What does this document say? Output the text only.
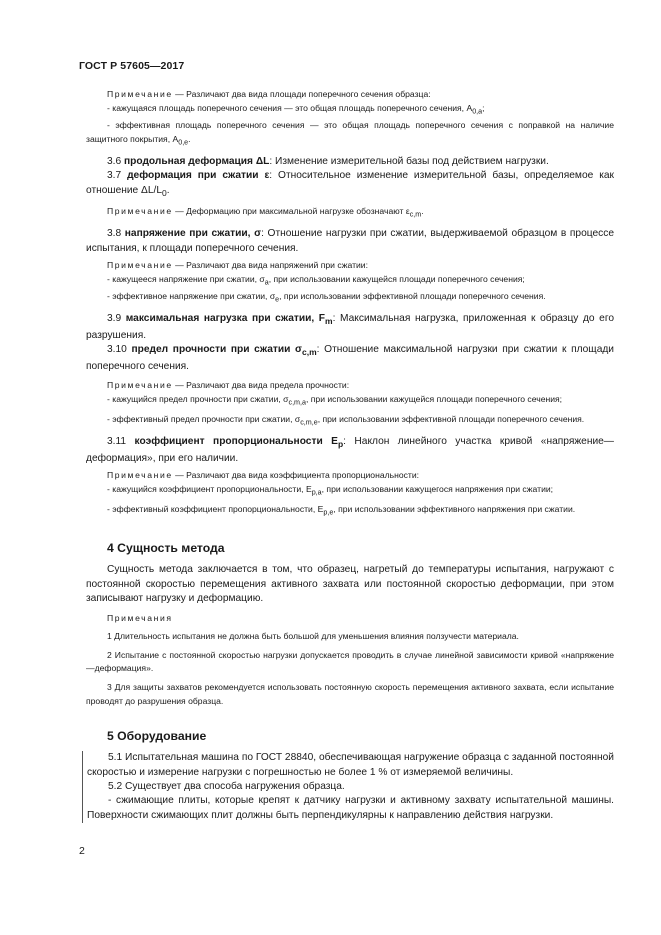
ГОСТ Р 57605—2017

Примечание — Различают два вида площади поперечного сечения образца:

- кажущаяся площадь поперечного сечения — это общая площадь поперечного сечения, $A_{0,a}$;

- эффективная площадь поперечного сечения — это общая площадь поперечного сечения с поправкой на наличие защитного покрытия, $A_{0,e}$.

3.6 продольная деформация ΔL: Изменение измерительной базы под действием нагрузки.

3.7 деформация при сжатии ε: Относительное изменение измерительной базы, определяемое как отношение $\Delta L/L_0$.

Примечание — Деформацию при максимальной нагрузке обозначают $\varepsilon_{c,m}$.

3.8 напряжение при сжатии, σ: Отношение нагрузки при сжатии, выдерживаемой образцом в процессе испытания, к площади поперечного сечения.

Примечание — Различают два вида напряжений при сжатии:

- кажущееся напряжение при сжатии, $\sigma_a$, при использовании кажущейся площади поперечного сечения;

- эффективное напряжение при сжатии, $\sigma_e$, при использовании эффективной площади поперечного сечения.

3.9 максимальная нагрузка при сжатии, $F_m$: Максимальная нагрузка, приложенная к образцу до его разрушения.

3.10 предел прочности при сжатии $\sigma_{c,m}$: Отношение максимальной нагрузки при сжатии к площади поперечного сечения.

Примечание — Различают два вида предела прочности:

- кажущийся предел прочности при сжатии, $\sigma_{c,m,a}$, при использовании кажущейся площади поперечного сечения;

- эффективный предел прочности при сжатии, $\sigma_{c,m,e}$, при использовании эффективной площади поперечного сечения.

3.11 коэффициент пропорциональности $E_p$: Наклон линейного участка кривой «напряжение—деформация», при его наличии.

Примечание — Различают два вида коэффициента пропорциональности:

- кажущийся коэффициент пропорциональности, $E_{p,a}$, при использовании кажущегося напряжения при сжатии;

- эффективный коэффициент пропорциональности, $E_{p,e}$, при использовании эффективного напряжения при сжатии.

4 Сущность метода

Сущность метода заключается в том, что образец, нагретый до температуры испытания, нагружают с постоянной скоростью перемещения активного захвата или постоянной скоростью деформации, при этом записывают нагрузку и деформацию.

Примечания

1 Длительность испытания не должна быть большой для уменьшения влияния ползучести материала.

2 Испытание с постоянной скоростью нагрузки допускается проводить в случае линейной зависимости кривой «напряжение—деформация».

3 Для защиты захватов рекомендуется использовать постоянную скорость перемещения активного захвата, если испытание проводят до разрушения образца.

5 Оборудование

5.1 Испытательная машина по ГОСТ 28840, обеспечивающая нагружение образца с заданной постоянной скоростью и измерение нагрузки с погрешностью не более 1 % от измеряемой величины.

5.2 Существует два способа нагружения образца.

- сжимающие плиты, которые крепят к датчику нагрузки и активному захвату испытательной машины. Поверхности сжимающих плит должны быть перпендикулярны к направлению действия нагрузки.

2
